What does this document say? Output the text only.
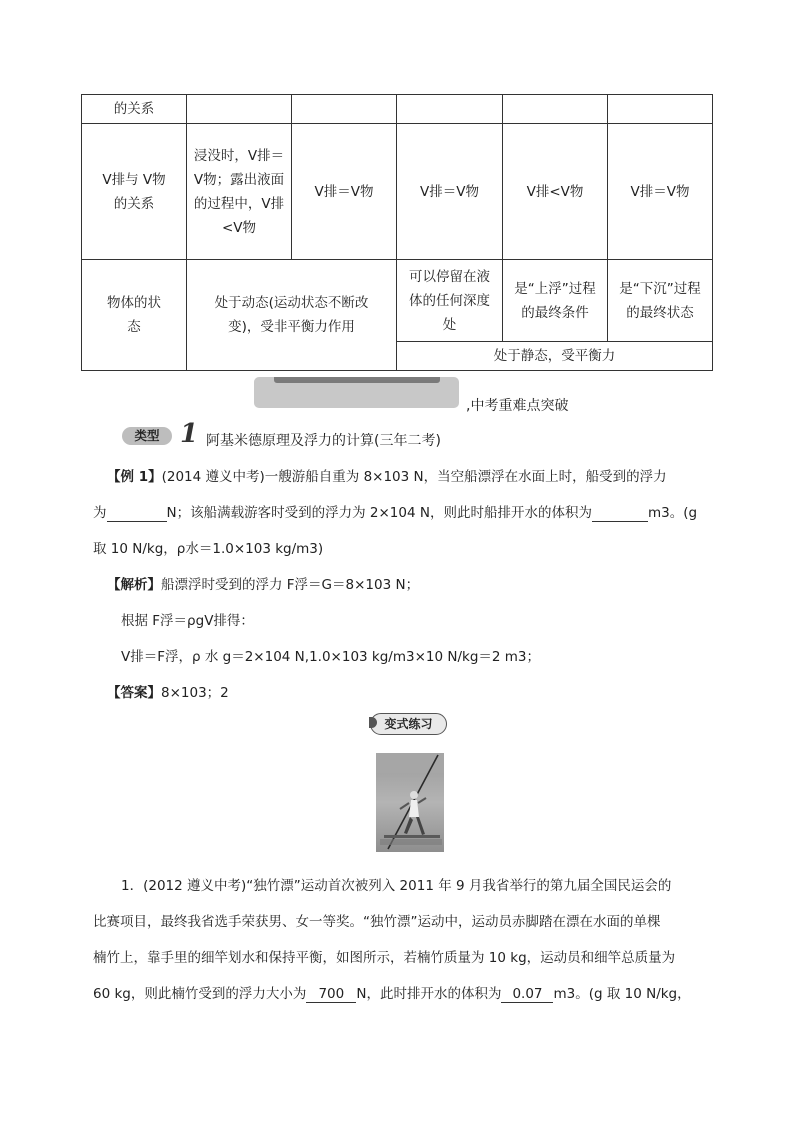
的关系					
V排与 V物的关系	浸没时，V排＝V物；露出液面的过程中，V排<V物	V排＝V物	V排＝V物	V排<V物	V排＝V物
物体的状态	处于动态(运动状态不断改变)，受非平衡力作用		可以停留在液体的任何深度处	是“上浮”过程的最终条件	是“下沉”过程的最终状态
			处于静态，受平衡力		
,中考重难点突破
类型 1 阿基米德原理及浮力的计算(三年二考)
【例 1】(2014 遵义中考)一艘游船自重为 8×103 N，当空船漂浮在水面上时，船受到的浮力
为	N；该船满载游客时受到的浮力为 2×104 N，则此时船排开水的体积为	m3。(g
取 10 N/kg，ρ水＝1.0×103 kg/m3)
【解析】船漂浮时受到的浮力 F浮＝G＝8×103 N；
根据 F浮＝ρgV排得：
V排＝F浮，ρ 水 g＝2×104 N,1.0×103 kg/m3×10 N/kg＝2 m3；
【答案】8×103；2
变式练习
1．(2012 遵义中考)“独竹漂”运动首次被列入 2011 年 9 月我省举行的第九届全国民运会的
比赛项目，最终我省选手荣获男、女一等奖。“独竹漂”运动中，运动员赤脚踏在漂在水面的单棵
楠竹上，靠手里的细竿划水和保持平衡，如图所示，若楠竹质量为 10 kg，运动员和细竿总质量为
60 kg，则此楠竹受到的浮力大小为 700 N，此时排开水的体积为 0.07 m3。(g 取 10 N/kg，
